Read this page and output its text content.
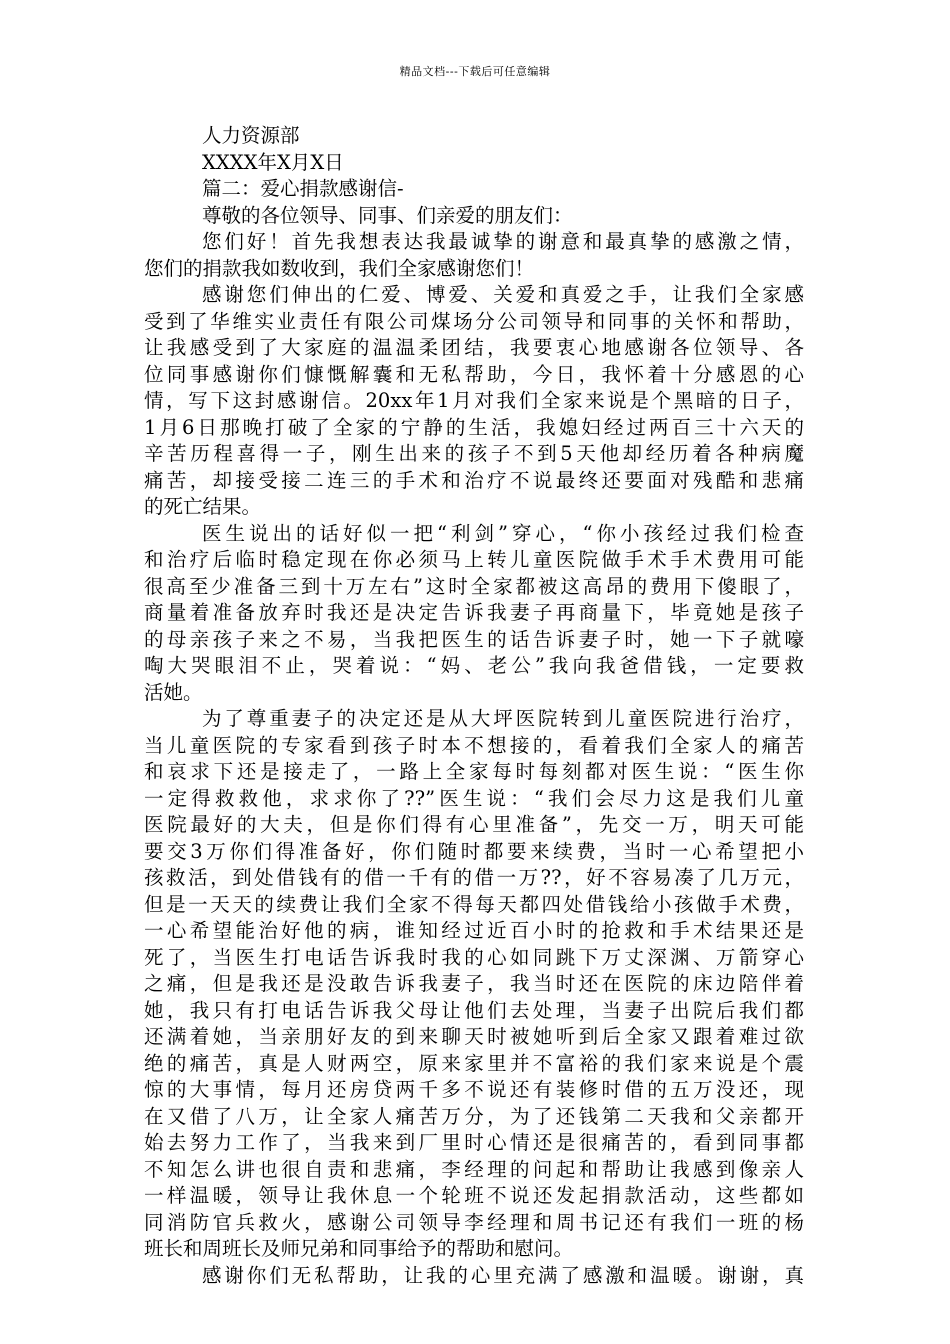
精品文档---下载后可任意编辑
人力资源部
XXXX年X月X日
篇二：爱心捐款感谢信-
尊敬的各位领导、同事、们亲爱的朋友们：
您们好！首先我想表达我最诚挚的谢意和最真挚的感激之情，
您们的捐款我如数收到，我们全家感谢您们！
感谢您们伸出的仁爱、博爱、关爱和真爱之手，让我们全家感
受到了华维实业责任有限公司煤场分公司领导和同事的关怀和帮助，
让我感受到了大家庭的温温柔团结，我要衷心地感谢各位领导、各
位同事感谢你们慷慨解囊和无私帮助，今日，我怀着十分感恩的心
情，写下这封感谢信。20xx年1月对我们全家来说是个黑暗的日子，
1月6日那晚打破了全家的宁静的生活，我媳妇经过两百三十六天的
辛苦历程喜得一子，刚生出来的孩子不到5天他却经历着各种病魔
痛苦，却接受接二连三的手术和治疗不说最终还要面对残酷和悲痛
的死亡结果。
医生说出的话好似一把“利剑”穿心，“你小孩经过我们检查
和治疗后临时稳定现在你必须马上转儿童医院做手术手术费用可能
很高至少准备三到十万左右”这时全家都被这高昂的费用下傻眼了，
商量着准备放弃时我还是决定告诉我妻子再商量下，毕竟她是孩子
的母亲孩子来之不易，当我把医生的话告诉妻子时，她一下子就嚎
啕大哭眼泪不止，哭着说：“妈、老公”我向我爸借钱，一定要救
活她。
为了尊重妻子的决定还是从大坪医院转到儿童医院进行治疗，
当儿童医院的专家看到孩子时本不想接的，看着我们全家人的痛苦
和哀求下还是接走了，一路上全家每时每刻都对医生说：“医生你
一定得救救他，求求你了??”医生说：“我们会尽力这是我们儿童
医院最好的大夫，但是你们得有心里准备”，先交一万，明天可能
要交3万你们得准备好，你们随时都要来续费，当时一心希望把小
孩救活，到处借钱有的借一千有的借一万??，好不容易凑了几万元，
但是一天天的续费让我们全家不得每天都四处借钱给小孩做手术费，
一心希望能治好他的病，谁知经过近百小时的抢救和手术结果还是
死了，当医生打电话告诉我时我的心如同跳下万丈深渊、万箭穿心
之痛，但是我还是没敢告诉我妻子，我当时还在医院的床边陪伴着
她，我只有打电话告诉我父母让他们去处理，当妻子出院后我们都
还满着她，当亲朋好友的到来聊天时被她听到后全家又跟着难过欲
绝的痛苦，真是人财两空，原来家里并不富裕的我们家来说是个震
惊的大事情，每月还房贷两千多不说还有装修时借的五万没还，现
在又借了八万，让全家人痛苦万分，为了还钱第二天我和父亲都开
始去努力工作了，当我来到厂里时心情还是很痛苦的，看到同事都
不知怎么讲也很自责和悲痛，李经理的问起和帮助让我感到像亲人
一样温暖，领导让我休息一个轮班不说还发起捐款活动，这些都如
同消防官兵救火，感谢公司领导李经理和周书记还有我们一班的杨
班长和周班长及师兄弟和同事给予的帮助和慰问。
感谢你们无私帮助，让我的心里充满了感激和温暖。谢谢，真
